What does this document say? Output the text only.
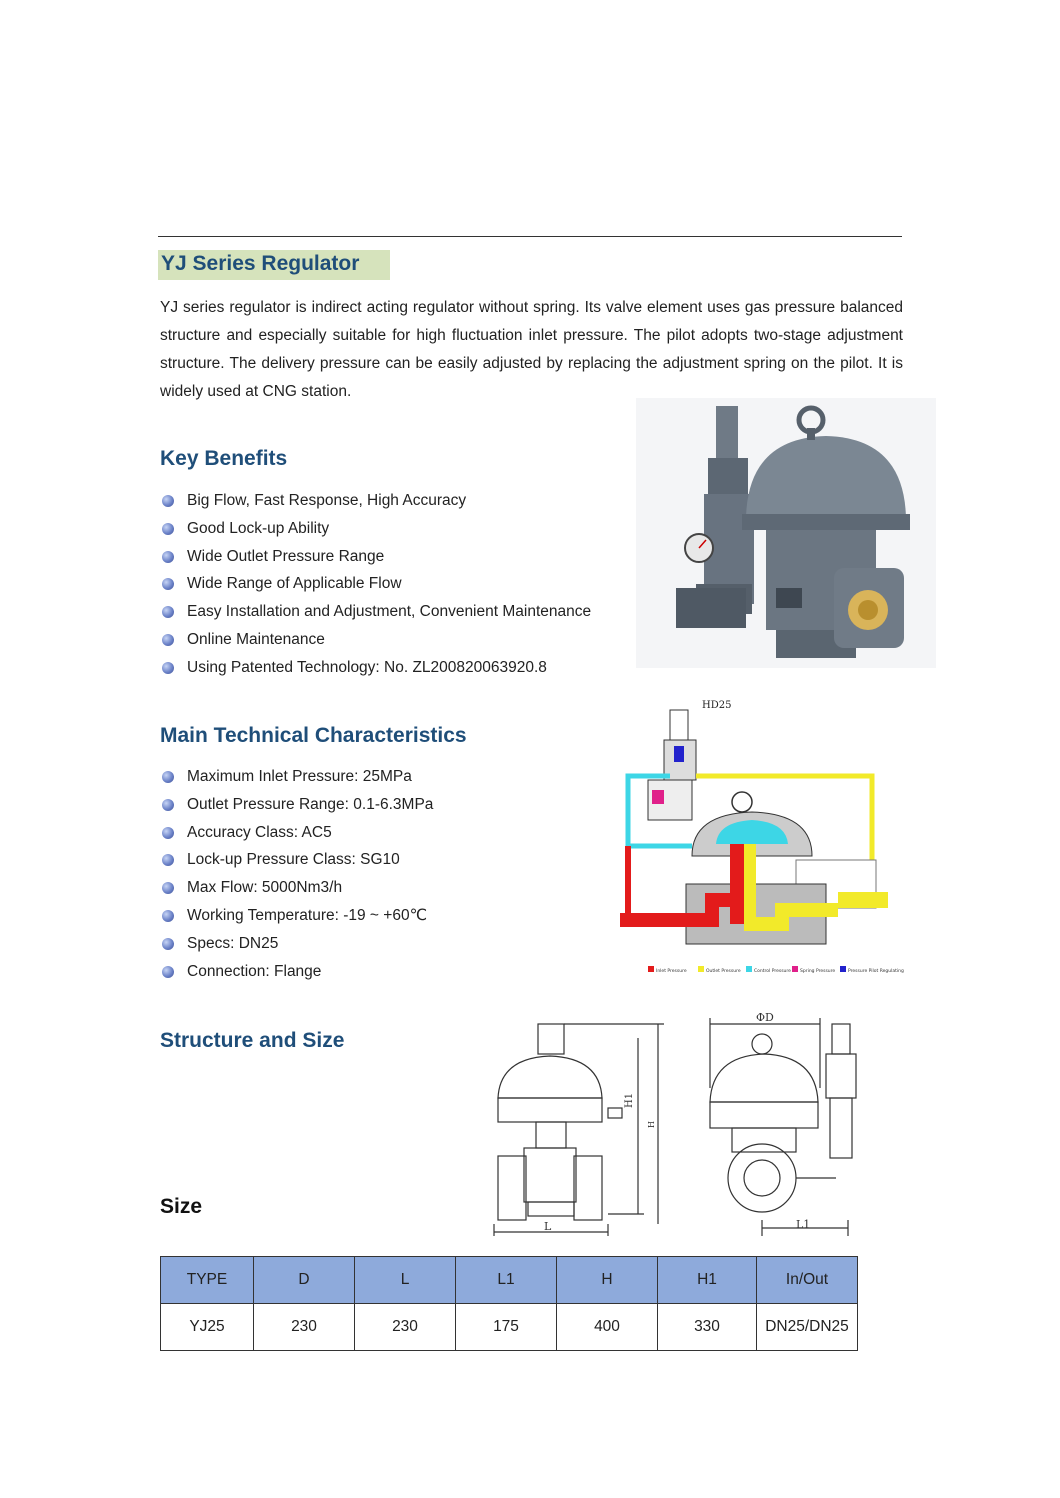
YJ Series Regulator
YJ series regulator is indirect acting regulator without spring. Its valve element uses gas pressure balanced structure and especially suitable for high fluctuation inlet pressure. The pilot adopts two-stage adjustment structure. The delivery pressure can be easily adjusted by replacing the adjustment spring on the pilot. It is widely used at CNG station.
Key Benefits
Big Flow, Fast Response, High Accuracy
Good Lock-up Ability
Wide Outlet Pressure Range
Wide Range of Applicable Flow
Easy Installation and Adjustment, Convenient Maintenance
Online Maintenance
Using Patented Technology: No. ZL200820063920.8
Main Technical Characteristics
Maximum Inlet Pressure: 25MPa
Outlet Pressure Range: 0.1-6.3MPa
Accuracy Class: AC5
Lock-up Pressure Class: SG10
Max Flow: 5000Nm3/h
Working Temperature: -19 ~ +60℃
Specs: DN25
Connection: Flange
HD25
Inlet Pressure	Outlet Pressure	Control Pressure Spring Pressure	Pressure Pilot Regulating
Structure and Size
L
H1
H
ΦD
L1
Size
TYPE	D	L	L1	H	H1	In/Out
YJ25	230	230	175	400	330	DN25/DN25
